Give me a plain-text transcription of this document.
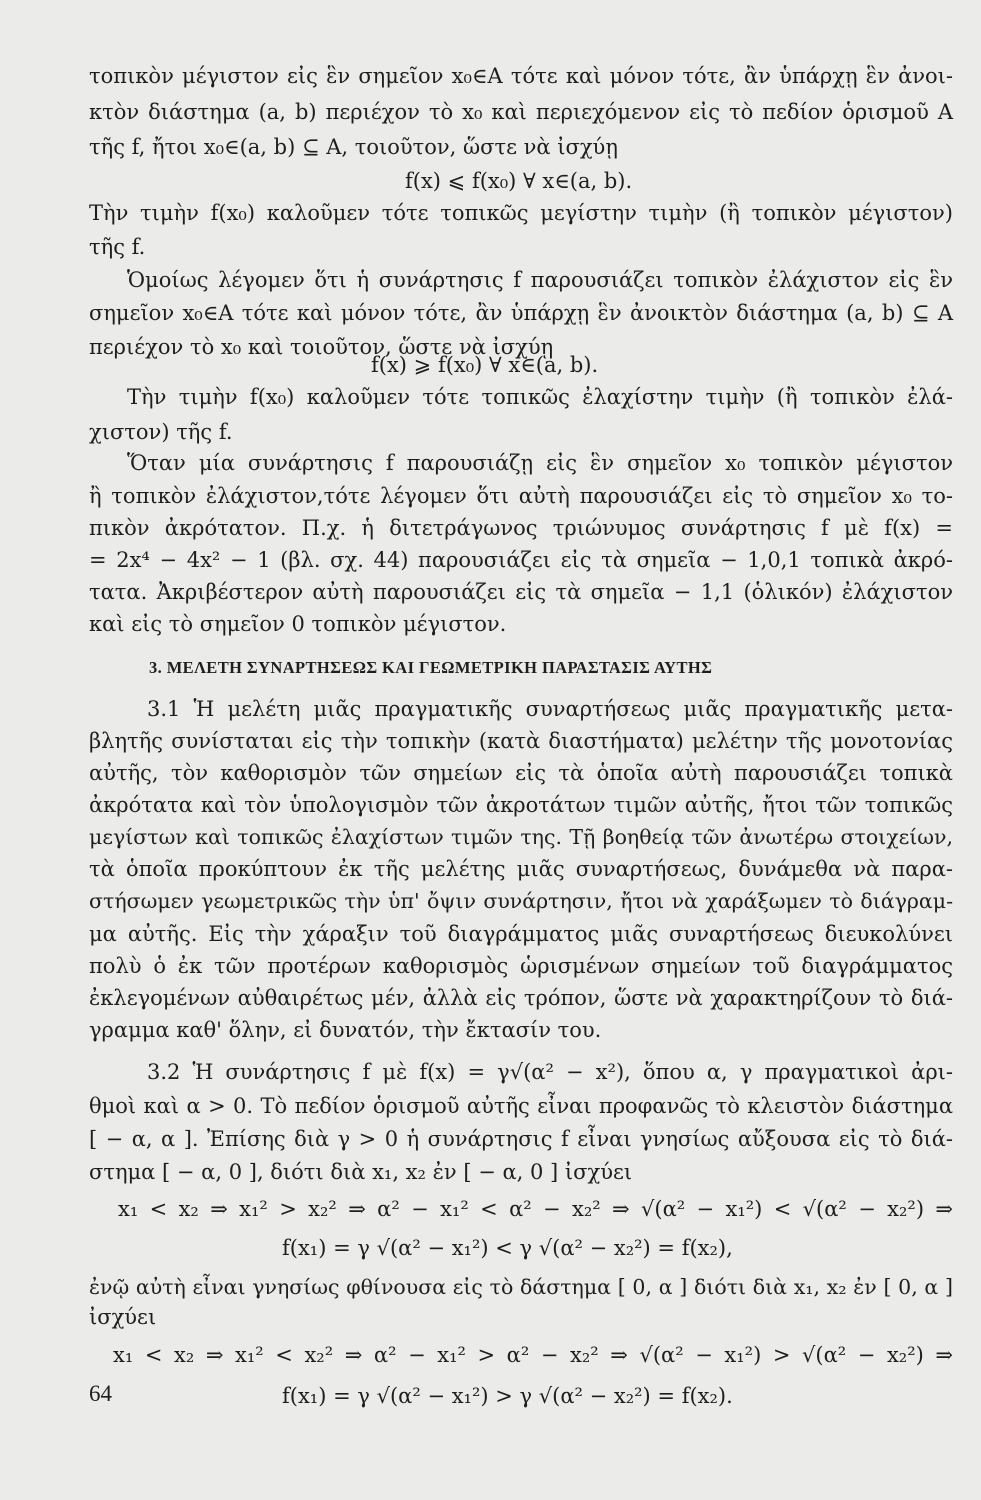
τοπικὸν μέγιστον εἰς ἓν σημεῖον x₀∈A τότε καὶ μόνον τότε, ἂν ὑπάρχῃ ἓν ἀνοι-
κτὸν διάστημα (a, b) περιέχον τὸ x₀ καὶ περιεχόμενον εἰς τὸ πεδίον ὁρισμοῦ A
τῆς f, ἤτοι x₀∈(a, b) ⊆ A, τοιοῦτον, ὥστε νὰ ἰσχύῃ
f(x) ⩽ f(x₀) ∀ x∈(a, b).
Τὴν τιμὴν f(x₀) καλοῦμεν τότε τοπικῶς μεγίστην τιμὴν (ἢ τοπικὸν μέγιστον)
τῆς f.
Ὁμοίως λέγομεν ὅτι ἡ συνάρτησις f παρουσιάζει τοπικὸν ἐλάχιστον εἰς ἓν
σημεῖον x₀∈A τότε καὶ μόνον τότε, ἂν ὑπάρχῃ ἓν ἀνοικτὸν διάστημα (a, b) ⊆ A
περιέχον τὸ x₀ καὶ τοιοῦτον, ὥστε νὰ ἰσχύῃ
f(x) ⩾ f(x₀) ∀ x∈(a, b).
Τὴν τιμὴν f(x₀) καλοῦμεν τότε τοπικῶς ἐλαχίστην τιμὴν (ἢ τοπικὸν ἐλά-
χιστον) τῆς f.
Ὅταν μία συνάρτησις f παρουσιάζῃ εἰς ἓν σημεῖον x₀ τοπικὸν μέγιστον
ἢ τοπικὸν ἐλάχιστον,τότε λέγομεν ὅτι αὐτὴ παρουσιάζει εἰς τὸ σημεῖον x₀ το-
πικὸν ἀκρότατον. Π.χ. ἡ διτετράγωνος τριώνυμος συνάρτησις f μὲ f(x) =
= 2x⁴ − 4x² − 1 (βλ. σχ. 44) παρουσιάζει εἰς τὰ σημεῖα − 1,0,1 τοπικὰ ἀκρό-
τατα. Ἀκριβέστερον αὐτὴ παρουσιάζει εἰς τὰ σημεῖα − 1,1 (ὁλικόν) ἐλάχιστον
καὶ εἰς τὸ σημεῖον 0 τοπικὸν μέγιστον.
3. ΜΕΛΕΤΗ ΣΥΝΑΡΤΗΣΕΩΣ ΚΑΙ ΓΕΩΜΕΤΡΙΚΗ ΠΑΡΑΣΤΑΣΙΣ ΑΥΤΗΣ
3.1 Ἡ μελέτη μιᾶς πραγματικῆς συναρτήσεως μιᾶς πραγματικῆς μετα-
βλητῆς συνίσταται εἰς τὴν τοπικὴν (κατὰ διαστήματα) μελέτην τῆς μονοτονίας
αὐτῆς, τὸν καθορισμὸν τῶν σημείων εἰς τὰ ὁποῖα αὐτὴ παρουσιάζει τοπικὰ
ἀκρότατα καὶ τὸν ὑπολογισμὸν τῶν ἀκροτάτων τιμῶν αὐτῆς, ἤτοι τῶν τοπικῶς
μεγίστων καὶ τοπικῶς ἐλαχίστων τιμῶν της. Τῇ βοηθείᾳ τῶν ἀνωτέρω στοιχείων,
τὰ ὁποῖα προκύπτουν ἐκ τῆς μελέτης μιᾶς συναρτήσεως, δυνάμεθα νὰ παρα-
στήσωμεν γεωμετρικῶς τὴν ὑπ' ὄψιν συνάρτησιν, ἤτοι νὰ χαράξωμεν τὸ διάγραμ-
μα αὐτῆς. Εἰς τὴν χάραξιν τοῦ διαγράμματος μιᾶς συναρτήσεως διευκολύνει
πολὺ ὁ ἐκ τῶν προτέρων καθορισμὸς ὡρισμένων σημείων τοῦ διαγράμματος
ἐκλεγομένων αὐθαιρέτως μέν, ἀλλὰ εἰς τρόπον, ὥστε νὰ χαρακτηρίζουν τὸ διά-
γραμμα καθ' ὅλην, εἰ δυνατόν, τὴν ἔκτασίν του.
3.2 Ἡ συνάρτησις f μὲ f(x) = γ√(α² − x²), ὅπου α, γ πραγματικοὶ ἀρι-
θμοὶ καὶ α > 0. Τὸ πεδίον ὁρισμοῦ αὐτῆς εἶναι προφανῶς τὸ κλειστὸν διάστημα
[ − α, α ]. Ἐπίσης διὰ γ > 0 ἡ συνάρτησις f εἶναι γνησίως αὔξουσα εἰς τὸ διά-
στημα [ − α, 0 ], διότι διὰ x₁, x₂ ἐν [ − α, 0 ] ἰσχύει
x₁ < x₂ ⇒ x₁² > x₂² ⇒ α² − x₁² < α² − x₂² ⇒ √(α² − x₁²) < √(α² − x₂²) ⇒
f(x₁) = γ √(α² − x₁²) < γ √(α² − x₂²) = f(x₂),
ἐνῷ αὐτὴ εἶναι γνησίως φθίνουσα εἰς τὸ δάστημα [ 0, α ] διότι διὰ x₁, x₂ ἐν [ 0, α ]
ἰσχύει
x₁ < x₂ ⇒ x₁² < x₂² ⇒ α² − x₁² > α² − x₂² ⇒ √(α² − x₁²) > √(α² − x₂²) ⇒
f(x₁) = γ √(α² − x₁²) > γ √(α² − x₂²) = f(x₂).
64
